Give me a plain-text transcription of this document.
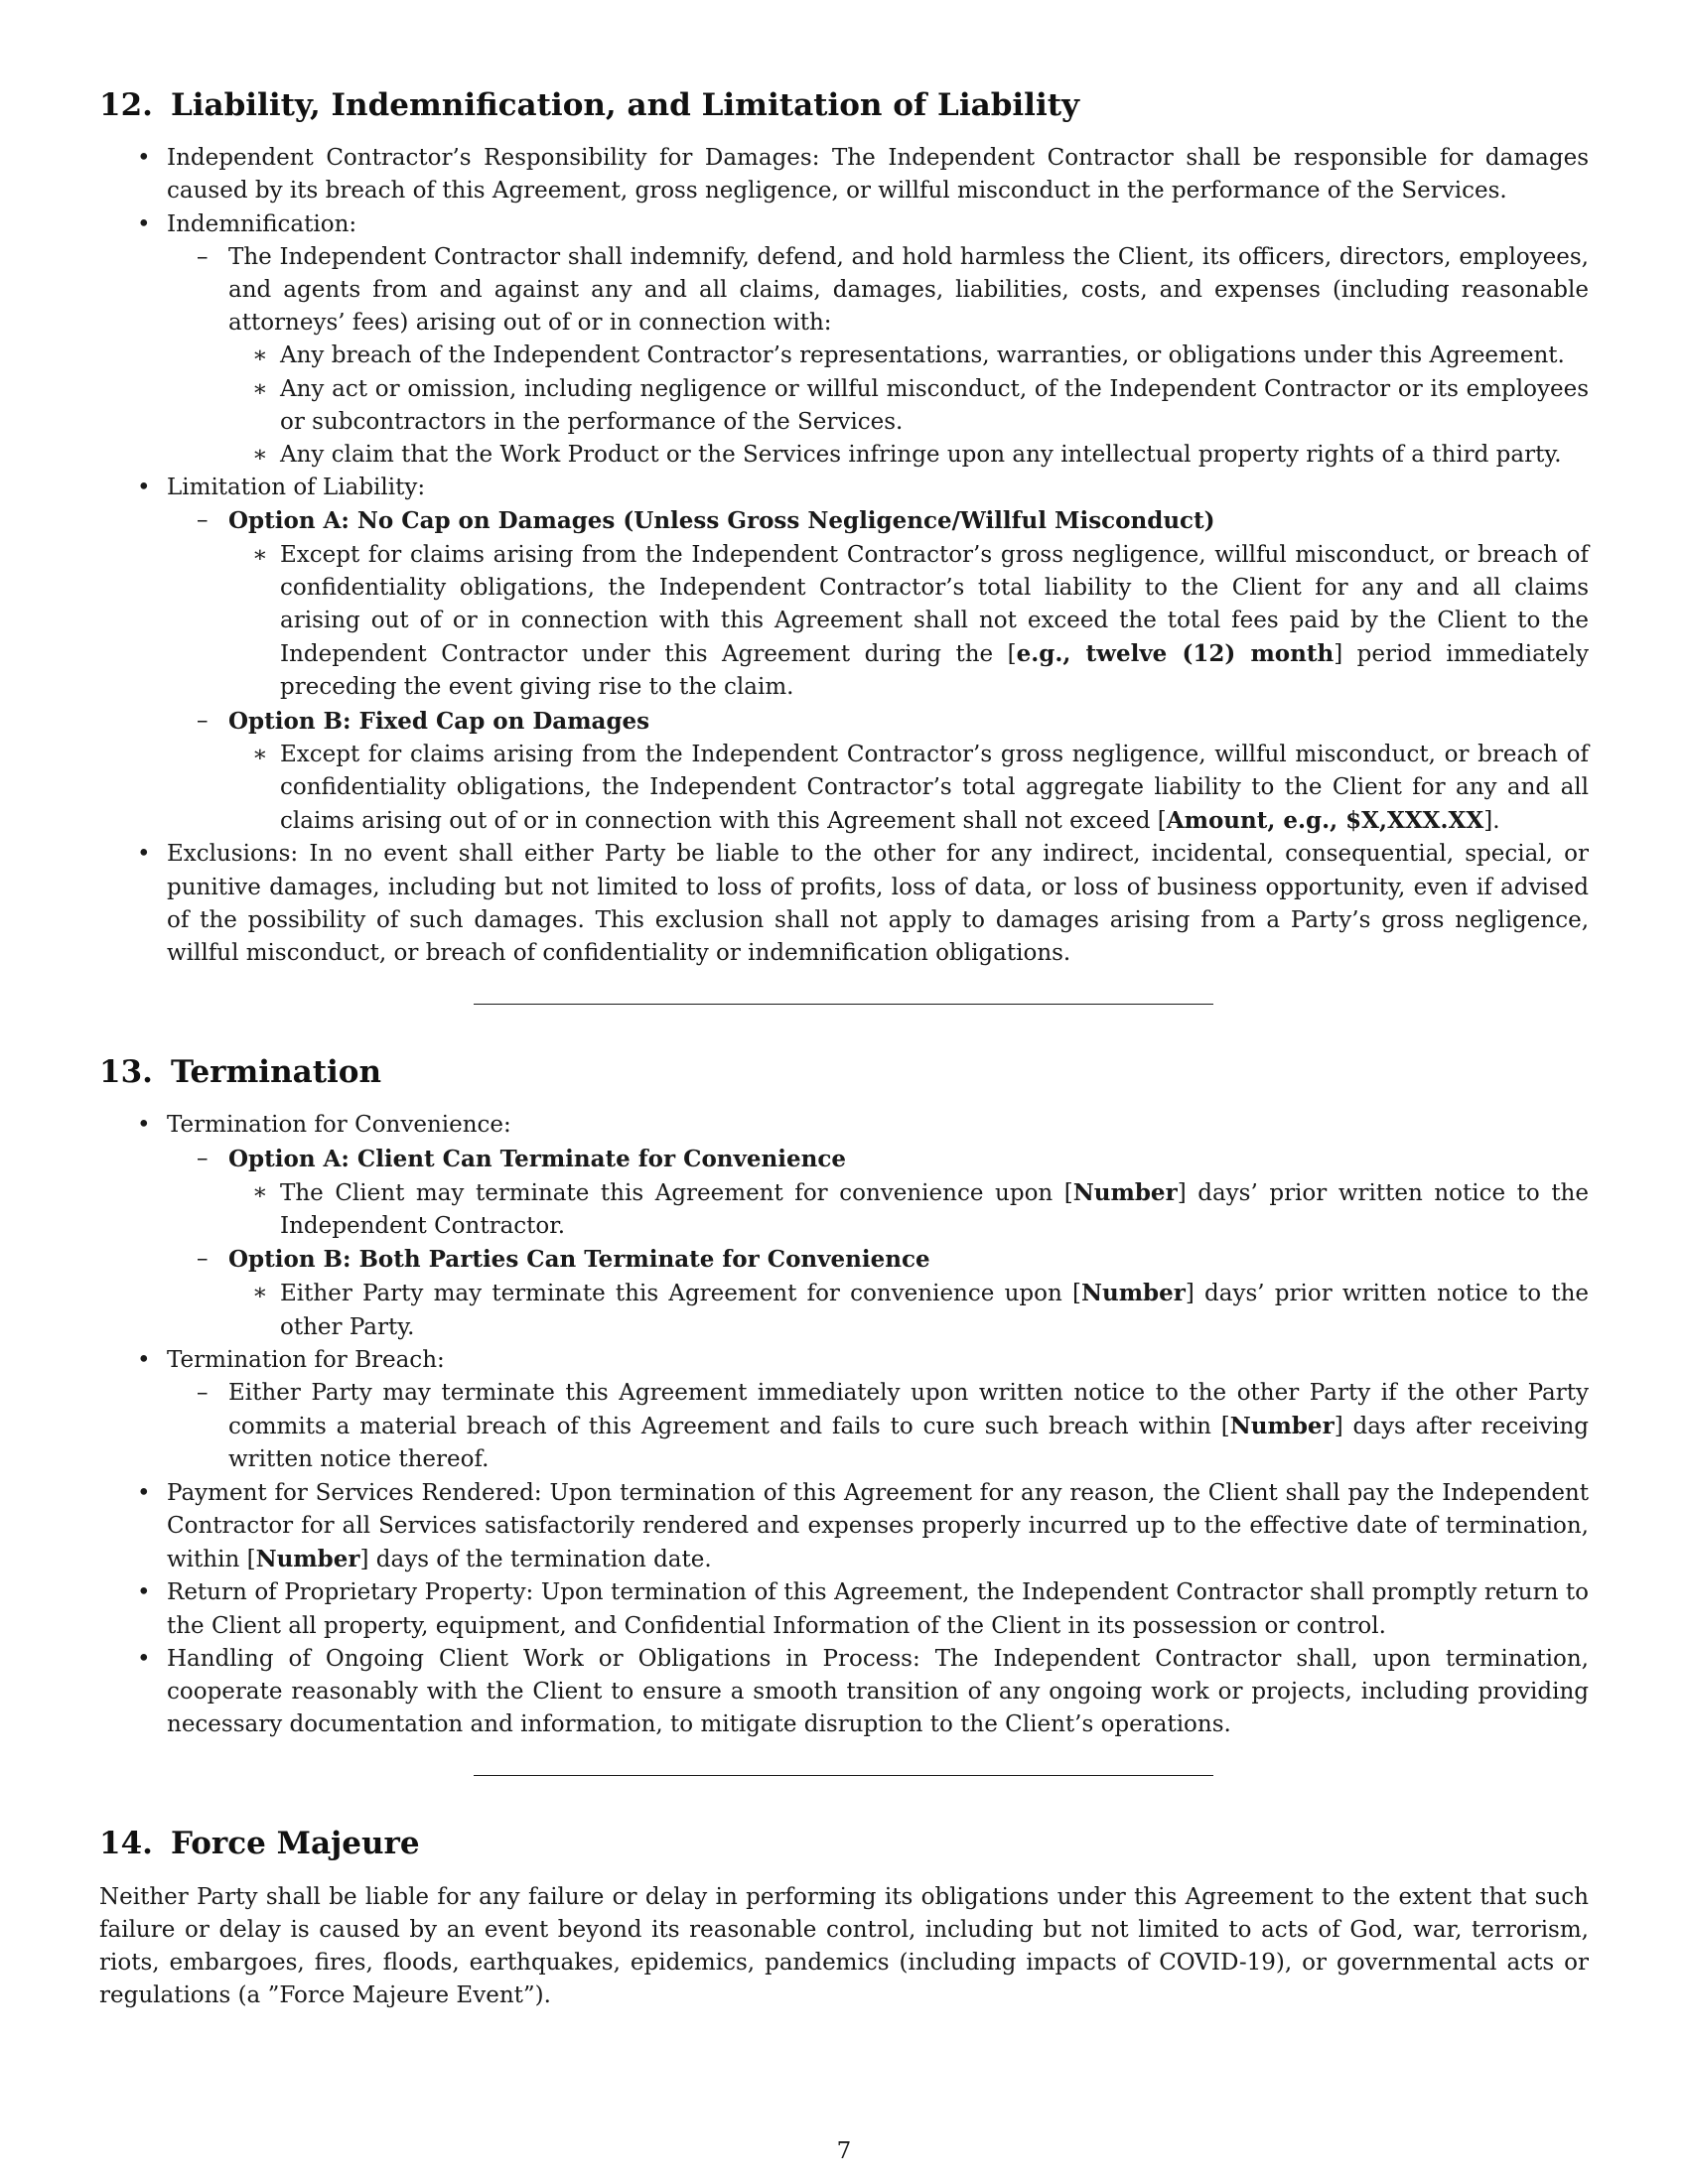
12. Liability, Indemnification, and Limitation of Liability
• Independent Contractor’s Responsibility for Damages: The Independent Contractor shall be responsible for damages caused by its breach of this Agreement, gross negligence, or willful misconduct in the performance of the Services.
• Indemnification:
– The Independent Contractor shall indemnify, defend, and hold harmless the Client, its officers, directors, employees, and agents from and against any and all claims, damages, liabilities, costs, and expenses (including reasonable attorneys’ fees) arising out of or in connection with:
∗ Any breach of the Independent Contractor’s representations, warranties, or obligations under this Agreement.
∗ Any act or omission, including negligence or willful misconduct, of the Independent Contractor or its employees or subcontractors in the performance of the Services.
∗ Any claim that the Work Product or the Services infringe upon any intellectual property rights of a third party.
• Limitation of Liability:
– Option A: No Cap on Damages (Unless Gross Negligence/Willful Misconduct)
∗ Except for claims arising from the Independent Contractor’s gross negligence, willful misconduct, or breach of confidentiality obligations, the Independent Contractor’s total liability to the Client for any and all claims arising out of or in connection with this Agreement shall not exceed the total fees paid by the Client to the Independent Contractor under this Agreement during the [e.g., twelve (12) month] period immediately preceding the event giving rise to the claim.
– Option B: Fixed Cap on Damages
∗ Except for claims arising from the Independent Contractor’s gross negligence, willful misconduct, or breach of confidentiality obligations, the Independent Contractor’s total aggregate liability to the Client for any and all claims arising out of or in connection with this Agreement shall not exceed [Amount, e.g., $X,XXX.XX].
• Exclusions: In no event shall either Party be liable to the other for any indirect, incidental, consequential, special, or punitive damages, including but not limited to loss of profits, loss of data, or loss of business opportunity, even if advised of the possibility of such damages. This exclusion shall not apply to damages arising from a Party’s gross negligence, willful misconduct, or breach of confidentiality or indemnification obligations.
13. Termination
• Termination for Convenience:
– Option A: Client Can Terminate for Convenience
∗ The Client may terminate this Agreement for convenience upon [Number] days’ prior written notice to the Independent Contractor.
– Option B: Both Parties Can Terminate for Convenience
∗ Either Party may terminate this Agreement for convenience upon [Number] days’ prior written notice to the other Party.
• Termination for Breach:
– Either Party may terminate this Agreement immediately upon written notice to the other Party if the other Party commits a material breach of this Agreement and fails to cure such breach within [Number] days after receiving written notice thereof.
• Payment for Services Rendered: Upon termination of this Agreement for any reason, the Client shall pay the Independent Contractor for all Services satisfactorily rendered and expenses properly incurred up to the effective date of termination, within [Number] days of the termination date.
• Return of Proprietary Property: Upon termination of this Agreement, the Independent Contractor shall promptly return to the Client all property, equipment, and Confidential Information of the Client in its possession or control.
• Handling of Ongoing Client Work or Obligations in Process: The Independent Contractor shall, upon termination, cooperate reasonably with the Client to ensure a smooth transition of any ongoing work or projects, including providing necessary documentation and information, to mitigate disruption to the Client’s operations.
14. Force Majeure

Neither Party shall be liable for any failure or delay in performing its obligations under this Agreement to the extent that such failure or delay is caused by an event beyond its reasonable control, including but not limited to acts of God, war, terrorism, riots, embargoes, fires, floods, earthquakes, epidemics, pandemics (including impacts of COVID-19), or governmental acts or regulations (a ”Force Majeure Event”).

7
